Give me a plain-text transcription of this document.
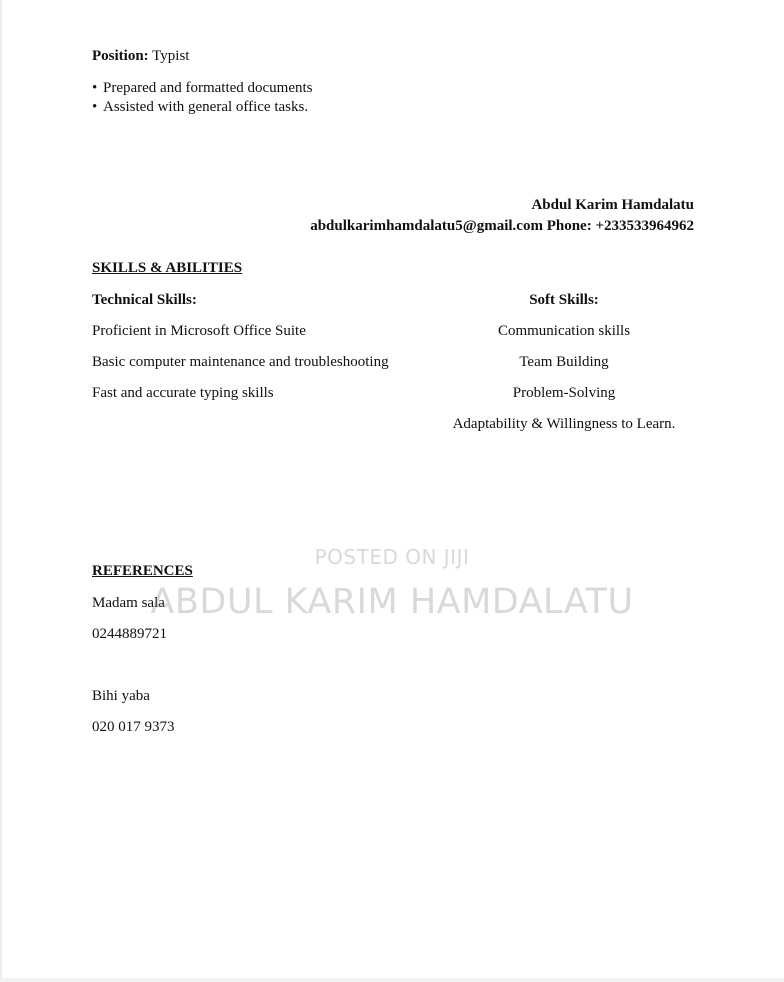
Position: Typist
• Prepared and formatted documents
• Assisted with general office tasks.
Abdul Karim Hamdalatu
abdulkarimhamdalatu5@gmail.com Phone: +233533964962
SKILLS & ABILITIES
Technical Skills:
Proficient in Microsoft Office Suite
Basic computer maintenance and troubleshooting
Fast and accurate typing skills
Soft Skills:
Communication skills
Team Building
Problem-Solving
Adaptability & Willingness to Learn.
REFERENCES
Madam sala
0244889721
Bihi yaba
020 017 9373
POSTED ON JIJI
ABDUL KARIM HAMDALATU
